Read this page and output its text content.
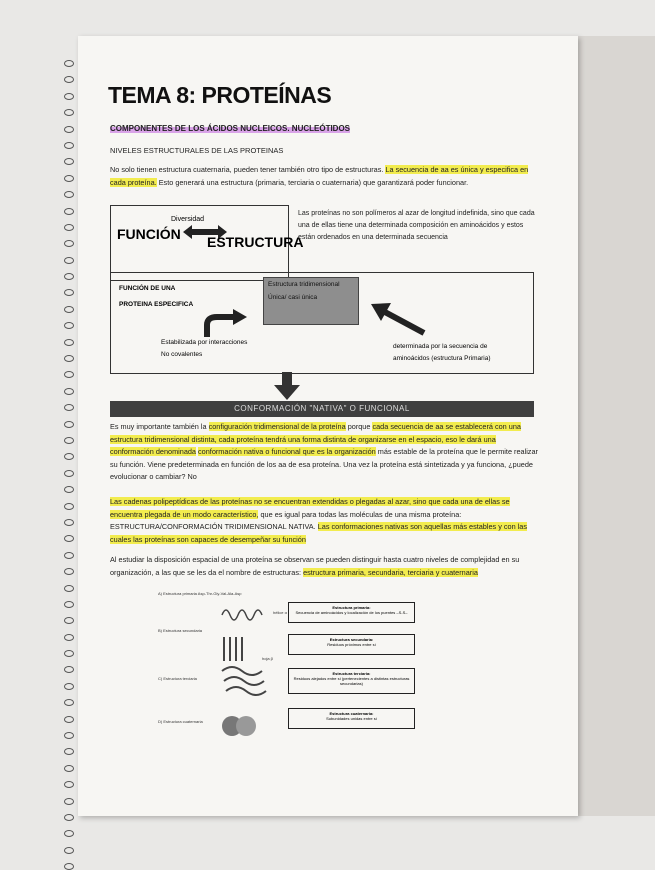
TEMA 8: PROTEÍNAS
COMPONENTES DE LOS ÁCIDOS NUCLEICOS. NUCLEÓTIDOS
NIVELES ESTRUCTURALES DE LAS PROTEINAS
No solo tienen estructura cuaternaria, pueden tener también otro tipo de estructuras. La secuencia de aa es única y especifica en cada proteína. Esto generará una estructura (primaria, terciaria o cuaternaria) que garantizará poder funcionar.
Diversidad
FUNCIÓN ESTRUCTURA
Las proteínas no son polímeros al azar de longitud indefinida, sino que cada una de ellas tiene una determinada composición en aminoácidos y estos están ordenados en una determinada secuencia
FUNCIÓN DE UNA
PROTEINA ESPECIFICA
Estructura tridimensional
Única/ casi única
Estabilizada por interacciones
No covalentes
determinada por la secuencia de
aminoácidos (estructura Primaria)
CONFORMACIÓN "NATIVA" O FUNCIONAL
Es muy importante también la configuración tridimensional de la proteína porque cada secuencia de aa se establecerá con una estructura tridimensional distinta, cada proteína tendrá una forma distinta de organizarse en el espacio, eso le dará una conformación denominada conformación nativa o funcional que es la organización más estable de la proteína que le permite realizar su función. Viene predeterminada en función de los aa de esa proteína. Una vez la proteína está sintetizada y ya funciona, ¿puede evolucionar o cambiar? No
Las cadenas polipeptídicas de las proteínas no se encuentran extendidas o plegadas al azar, sino que cada una de ellas se encuentra plegada de un modo característico, que es igual para todas las moléculas de una misma proteína: ESTRUCTURA/CONFORMACIÓN TRIDIMENSIONAL NATIVA. Las conformaciones nativas son aquellas más estables y con las cuales las proteínas son capaces de desempeñar su función
Al estudiar la disposición espacial de una proteína se observan se pueden distinguir hasta cuatro niveles de complejidad en su organización, a las que se les da el nombre de estructuras: estructura primaria, secundaria, terciaria y cuaternaria
A) Estructura primaria Asp-Thr-Gly-Val-Ala-Asp
B) Estructura secundaria
C) Estructura terciaria
D) Estructura cuaternaria
hélice α
hoja β
Estructura primaria:
Secuencia de aminoácidos y localización de los puentes –S-S–
Estructura secundaria:
Residuos próximos entre sí
Estructura terciaria:
Residuos alejados entre sí (pertenecientes a distintas estructuras secundarias)
Estructura cuaternaria:
Subunidades unidas entre sí
